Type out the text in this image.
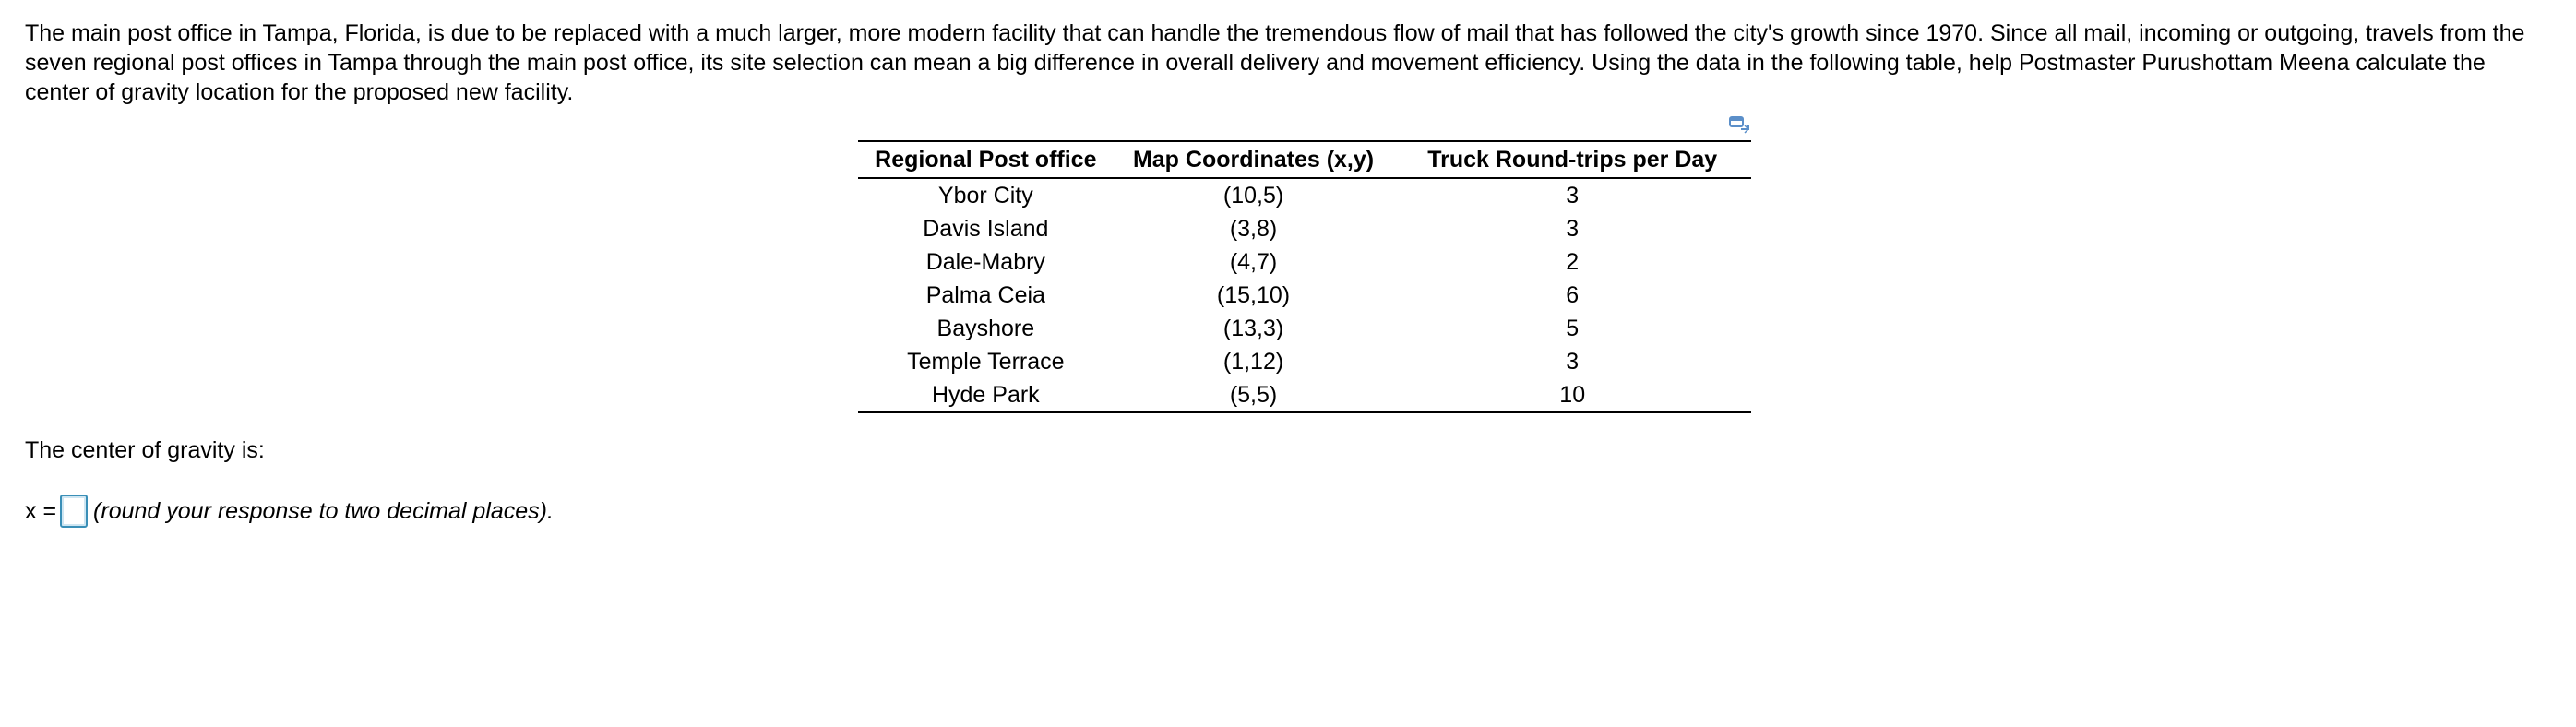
The main post office in Tampa, Florida, is due to be replaced with a much larger, more modern facility that can handle the tremendous flow of mail that has followed the city's growth since 1970. Since all mail, incoming or outgoing, travels from the seven regional post offices in Tampa through the main post office, its site selection can mean a big difference in overall delivery and movement efficiency. Using the data in the following table, help Postmaster Purushottam Meena calculate the center of gravity location for the proposed new facility.

Regional Post office	Map Coordinates (x,y)	Truck Round-trips per Day
Ybor City	(10,5)	3
Davis Island	(3,8)	3
Dale-Mabry	(4,7)	2
Palma Ceia	(15,10)	6
Bayshore	(13,3)	5
Temple Terrace	(1,12)	3
Hyde Park	(5,5)	10
The center of gravity is:
x = (round your response to two decimal places).
